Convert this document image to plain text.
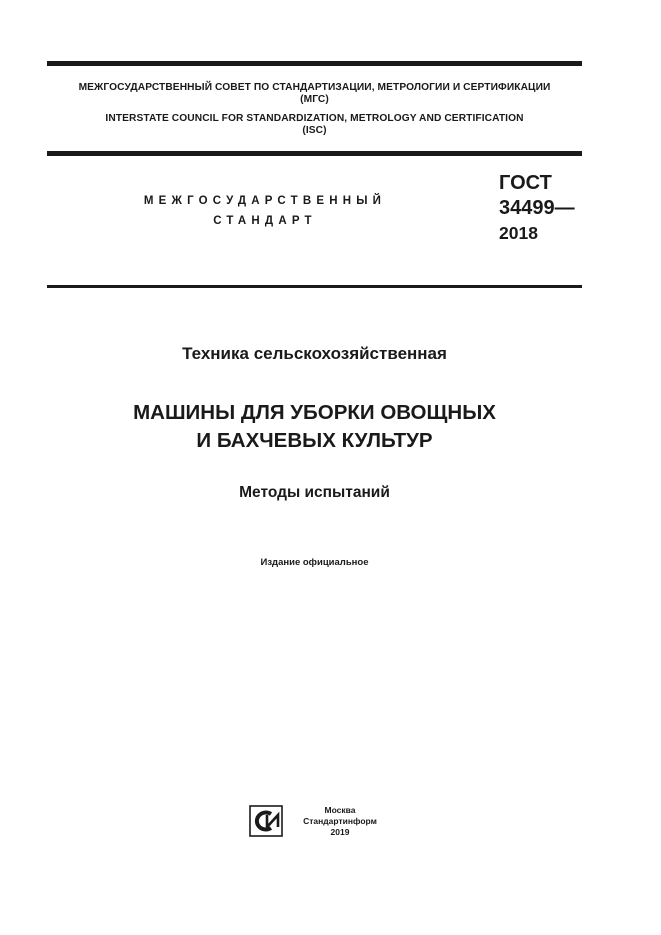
МЕЖГОСУДАРСТВЕННЫЙ СОВЕТ ПО СТАНДАРТИЗАЦИИ, МЕТРОЛОГИИ И СЕРТИФИКАЦИИ
(МГС)
INTERSTATE COUNCIL FOR STANDARDIZATION, METROLOGY AND CERTIFICATION
(ISC)
МЕЖГОСУДАРСТВЕННЫЙ
СТАНДАРТ
ГОСТ
34499—
2018
Техника сельскохозяйственная
МАШИНЫ ДЛЯ УБОРКИ ОВОЩНЫХ
И БАХЧЕВЫХ КУЛЬТУР
Методы испытаний
Издание официальное
Москва
Стандартинформ
2019
